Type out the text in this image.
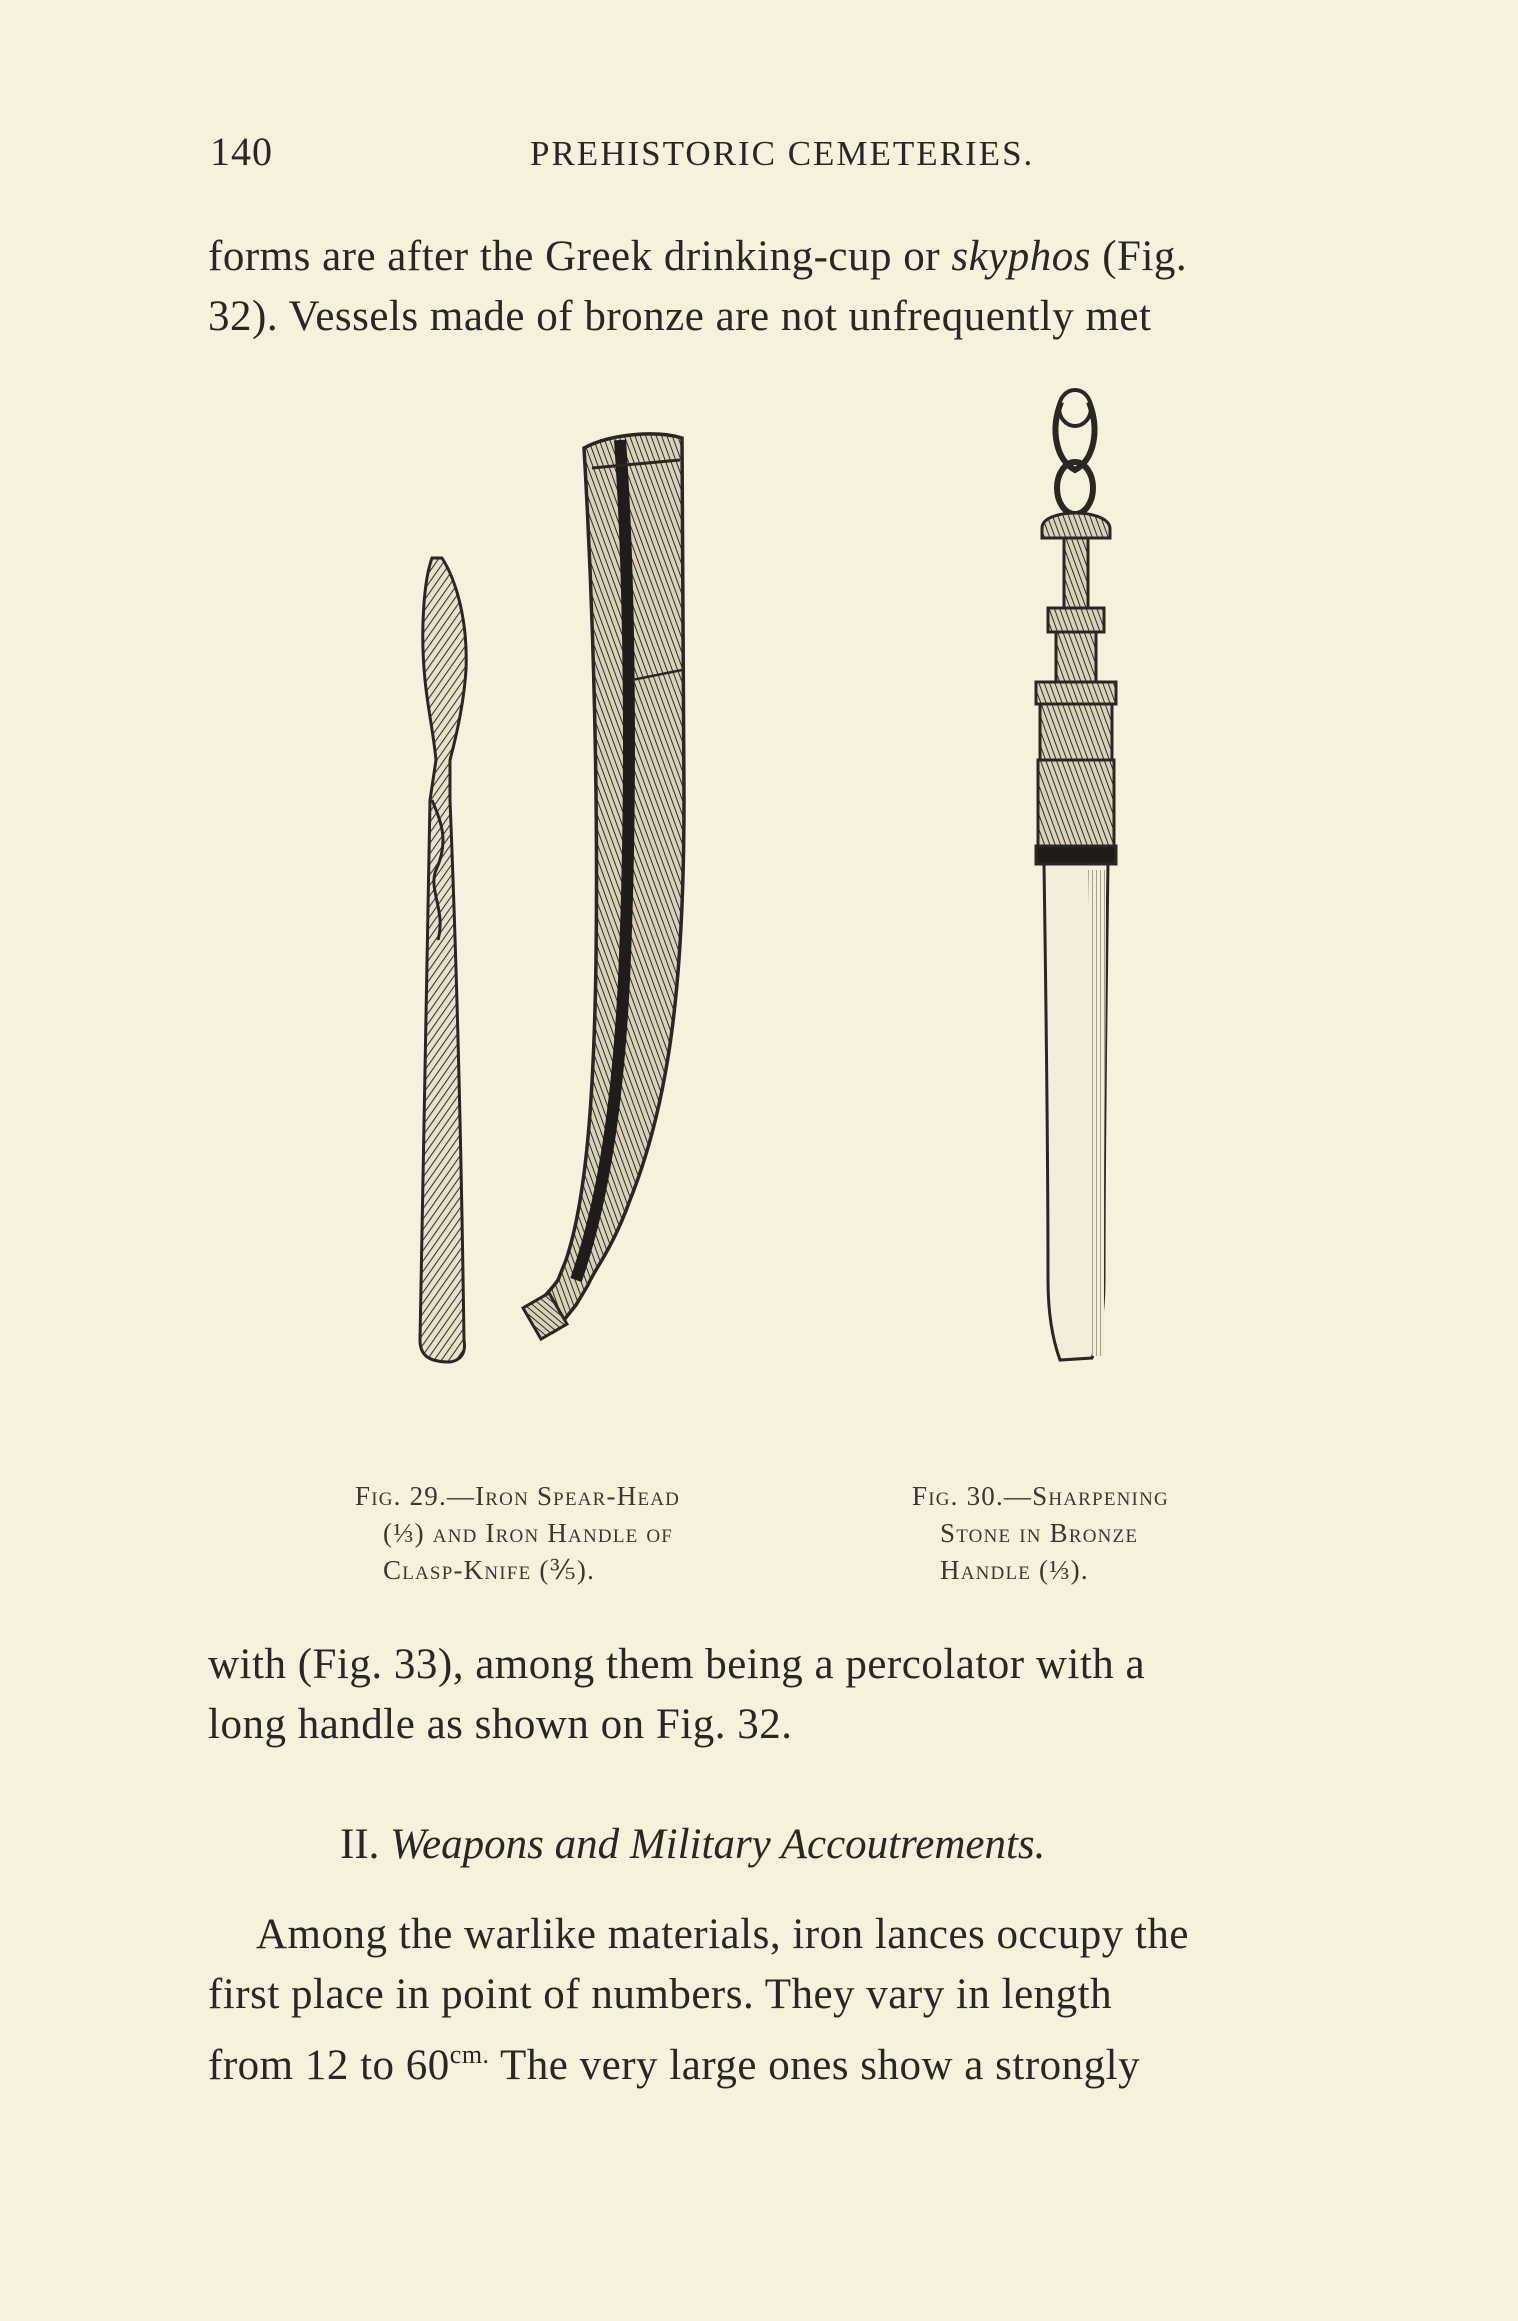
140	PREHISTORIC CEMETERIES.
forms are after the Greek drinking-cup or skyphos (Fig.
32). Vessels made of bronze are not unfrequently met
Fig. 29.—Iron Spear-Head
(⅓) and Iron Handle of
Clasp-Knife (⅗).
Fig. 30.—Sharpening
Stone in Bronze
Handle (⅓).
with (Fig. 33), among them being a percolator with a
long handle as shown on Fig. 32.
II. Weapons and Military Accoutrements.
Among the warlike materials, iron lances occupy the
first place in point of numbers. They vary in length
from 12 to $60^{cm.}$ The very large ones show a strongly
